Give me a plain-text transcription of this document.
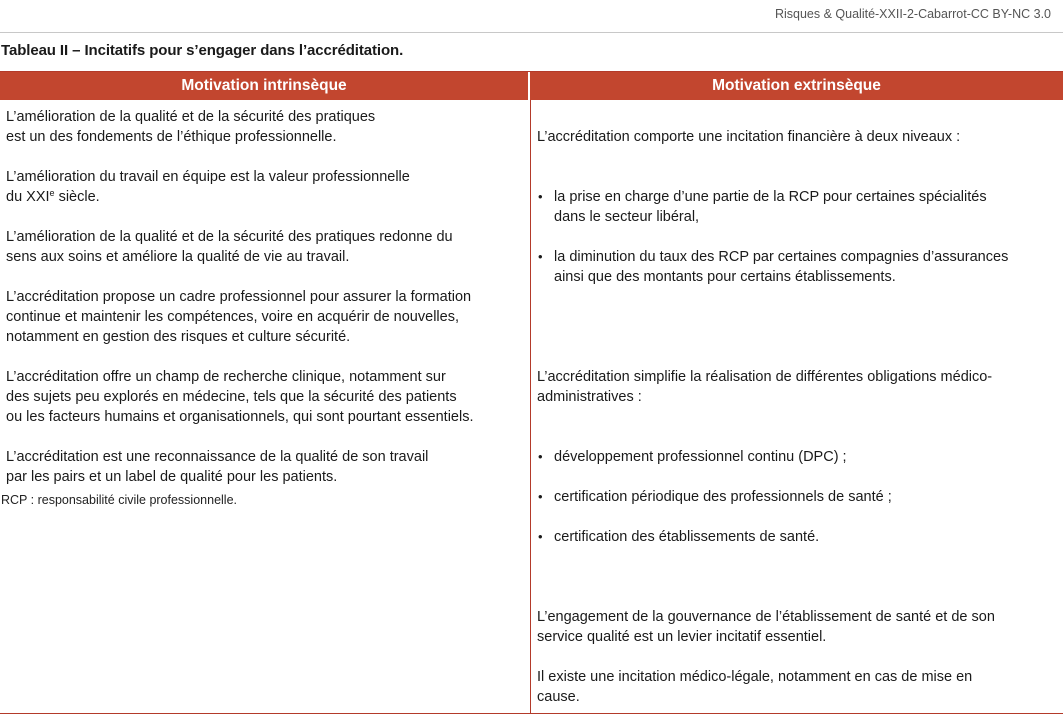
Risques & Qualité-XXII-2-Cabarrot-CC BY-NC 3.0
Tableau II – Incitatifs pour s’engager dans l’accréditation.
Motivation intrinsèque	Motivation extrinsèque

L’amélioration de la qualité et de la sécurité des pratiques
est un des fondements de l’éthique professionnelle.

L’amélioration du travail en équipe est la valeur professionnelle
du XXIe siècle.

L’amélioration de la qualité et de la sécurité des pratiques redonne du
sens aux soins et améliore la qualité de vie au travail.

L’accréditation propose un cadre professionnel pour assurer la formation
continue et maintenir les compétences, voire en acquérir de nouvelles,
notamment en gestion des risques et culture sécurité.

L’accréditation offre un champ de recherche clinique, notamment sur
des sujets peu explorés en médecine, tels que la sécurité des patients
ou les facteurs humains et organisationnels, qui sont pourtant essentiels.

L’accréditation est une reconnaissance de la qualité de son travail
par les pairs et un label de qualité pour les patients.

L’accréditation comporte une incitation financière à deux niveaux :

• la prise en charge d’une partie de la RCP pour certaines spécialités
dans le secteur libéral,

• la diminution du taux des RCP par certaines compagnies d’assurances
ainsi que des montants pour certains établissements.

L’accréditation simplifie la réalisation de différentes obligations médico-
administratives :

• développement professionnel continu (DPC) ;

• certification périodique des professionnels de santé ;

• certification des établissements de santé.

L’engagement de la gouvernance de l’établissement de santé et de son
service qualité est un levier incitatif essentiel.

Il existe une incitation médico-légale, notamment en cas de mise en
cause.

RCP : responsabilité civile professionnelle.
